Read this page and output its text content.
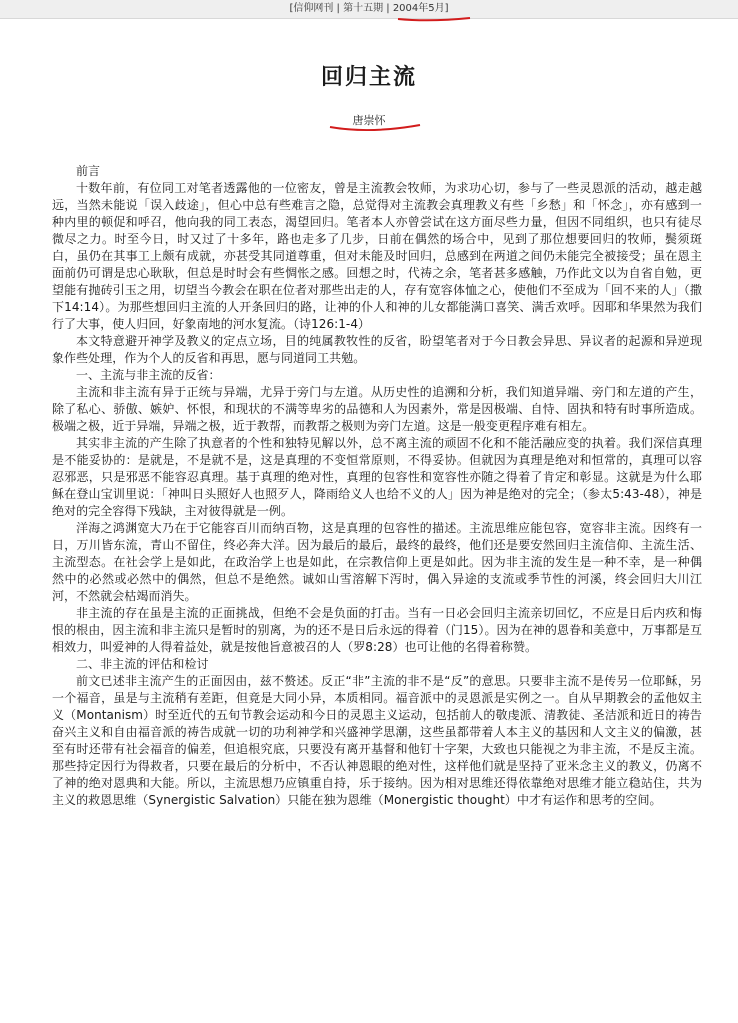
[信仰网刊 | 第十五期 | 2004年5月]
回归主流
唐崇怀

前言

十数年前，有位同工对笔者透露他的一位密友，曾是主流教会牧师，为求功心切，参与了一些灵恩派的活动，越走越远，当然未能说「误入歧途」，但心中总有些难言之隐，总觉得对主流教会真理教义有些「乡愁」和「怀念」，亦有感到一种内里的顿促和呼召，他向我的同工表态，渴望回归。笔者本人亦曾尝试在这方面尽些力量，但因不同组织，也只有徒尽微尽之力。时至今日，时又过了十多年，路也走多了几步，日前在偶然的场合中，见到了那位想要回归的牧师，鬓须斑白，虽仍在其事工上颇有成就，亦甚受其同道尊重，但对未能及时回归，总感到在两道之间仍未能完全被接受；虽在恩主面前仍可谓是忠心耿耿，但总是时时会有些惆怅之感。回想之时，代祷之余，笔者甚多感触，乃作此文以为自省自勉，更望能有抛砖引玉之用，切望当今教会在职在位者对那些出走的人，存有宽容体恤之心，使他们不至成为「回不来的人」（撒下14:14）。为那些想回归主流的人开条回归的路，让神的仆人和神的儿女都能满口喜笑、满舌欢呼。因耶和华果然为我们行了大事，使人归回，好象南地的河水复流。（诗126:1-4）

本文特意避开神学及教义的定点立场，目的纯属教牧性的反省，盼望笔者对于今日教会异思、异议者的起源和异逆现象作些处理，作为个人的反省和再思，愿与同道同工共勉。

一、主流与非主流的反省：

主流和非主流有异于正统与异端，尤异于旁门与左道。从历史性的追溯和分析，我们知道异端、旁门和左道的产生，除了私心、骄傲、嫉妒、怀恨，和现状的不满等卑劣的品德和人为因素外，常是因极端、自恃、固执和特有时事所造成。极端之极，近于异端，异端之极，近于教帮，而教帮之极则为旁门左道。这是一般变更程序难有相左。

其实非主流的产生除了执意者的个性和独特见解以外，总不离主流的顽固不化和不能活融应变的执着。我们深信真理是不能妥协的：是就是，不是就不是，这是真理的不变恒常原则，不得妥协。但就因为真理是绝对和恒常的，真理可以容忍邪恶，只是邪恶不能容忍真理。基于真理的绝对性，真理的包容性和宽容性亦随之得着了肯定和彰显。这就是为什么耶稣在登山宝训里说：「神叫日头照好人也照歹人，降雨给义人也给不义的人」因为神是绝对的完全；（参太5:43-48），神是绝对的完全容得下残缺，主对彼得就是一例。

洋海之鸿渊宽大乃在于它能容百川而纳百物，这是真理的包容性的描述。主流思维应能包容，宽容非主流。因终有一日，万川皆东流，青山不留住，终必奔大洋。因为最后的最后，最终的最终，他们还是要安然回归主流信仰、主流生活、主流型态。在社会学上是如此，在政治学上也是如此，在宗教信仰上更是如此。因为非主流的发生是一种不幸，是一种偶然中的必然或必然中的偶然，但总不是绝然。诚如山雪溶解下泻时，偶入异途的支流或季节性的河溪，终会回归大川江河，不然就会枯竭而消失。

非主流的存在虽是主流的正面挑战，但绝不会是负面的打击。当有一日必会回归主流亲切回忆，不应是日后内疚和悔恨的根由，因主流和非主流只是暂时的别离，为的还不是日后永远的得着（门15）。因为在神的恩眷和美意中，万事都是互相效力，叫爱神的人得着益处，就是按他旨意被召的人（罗8:28）也可让他的名得着称赞。

二、非主流的评估和检讨

前文已述非主流产生的正面因由，兹不赘述。反正“非”主流的非不是“反”的意思。只要非主流不是传另一位耶稣，另一个福音，虽是与主流稍有差距，但竟是大同小异，本质相同。福音派中的灵恩派是实例之一。自从早期教会的孟他奴主义（Montanism）时至近代的五旬节教会运动和今日的灵恩主义运动，包括前人的敬虔派、清教徒、圣洁派和近日的祷告奋兴主义和自由福音派的祷告成就一切的功利神学和兴盛神学思潮，这些虽都带着人本主义的基因和人文主义的偏激，甚至有时还带有社会福音的偏差，但追根究底，只要没有离开基督和他钉十字架，大致也只能视之为非主流，不是反主流。那些持定因行为得救者，只要在最后的分析中，不否认神恩眼的绝对性，这样他们就是坚持了亚米念主义的教义，仍离不了神的绝对恩典和大能。所以，主流思想乃应镇重自持，乐于接纳。因为相对思维还得依靠绝对思维才能立稳站住，共为主义的救恩思维（Synergistic Salvation）只能在独为恩维（Monergistic thought）中才有运作和思考的空间。
